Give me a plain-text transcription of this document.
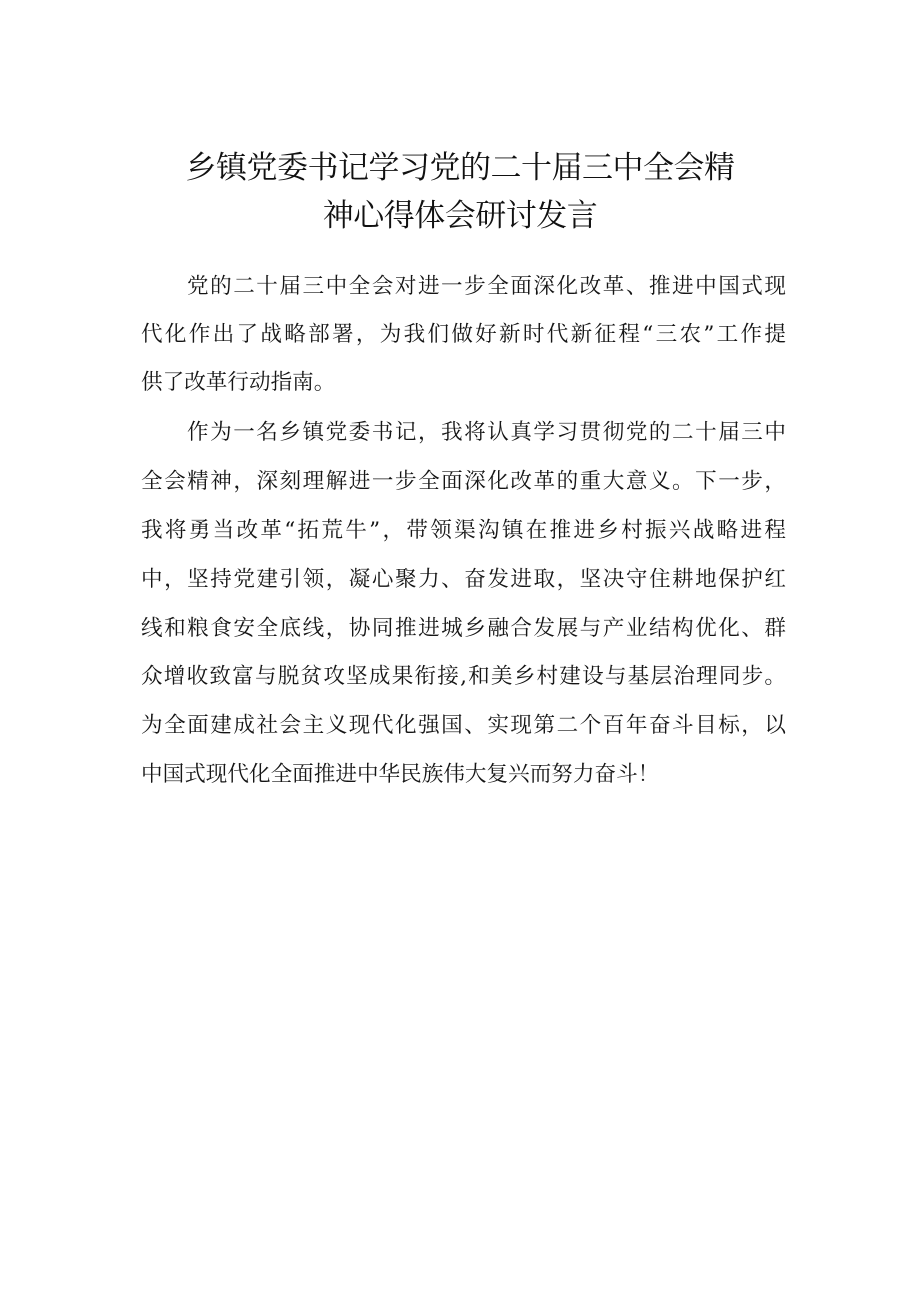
乡镇党委书记学习党的二十届三中全会精
神心得体会研讨发言
党的二十届三中全会对进一步全面深化改革、推进中国式现
代化作出了战略部署，为我们做好新时代新征程“三农”工作提
供了改革行动指南。
作为一名乡镇党委书记，我将认真学习贯彻党的二十届三中
全会精神，深刻理解进一步全面深化改革的重大意义。下一步，
我将勇当改革“拓荒牛”，带领渠沟镇在推进乡村振兴战略进程
中，坚持党建引领，凝心聚力、奋发进取，坚决守住耕地保护红
线和粮食安全底线，协同推进城乡融合发展与产业结构优化、群
众增收致富与脱贫攻坚成果衔接,和美乡村建设与基层治理同步。
为全面建成社会主义现代化强国、实现第二个百年奋斗目标，以
中国式现代化全面推进中华民族伟大复兴而努力奋斗！
